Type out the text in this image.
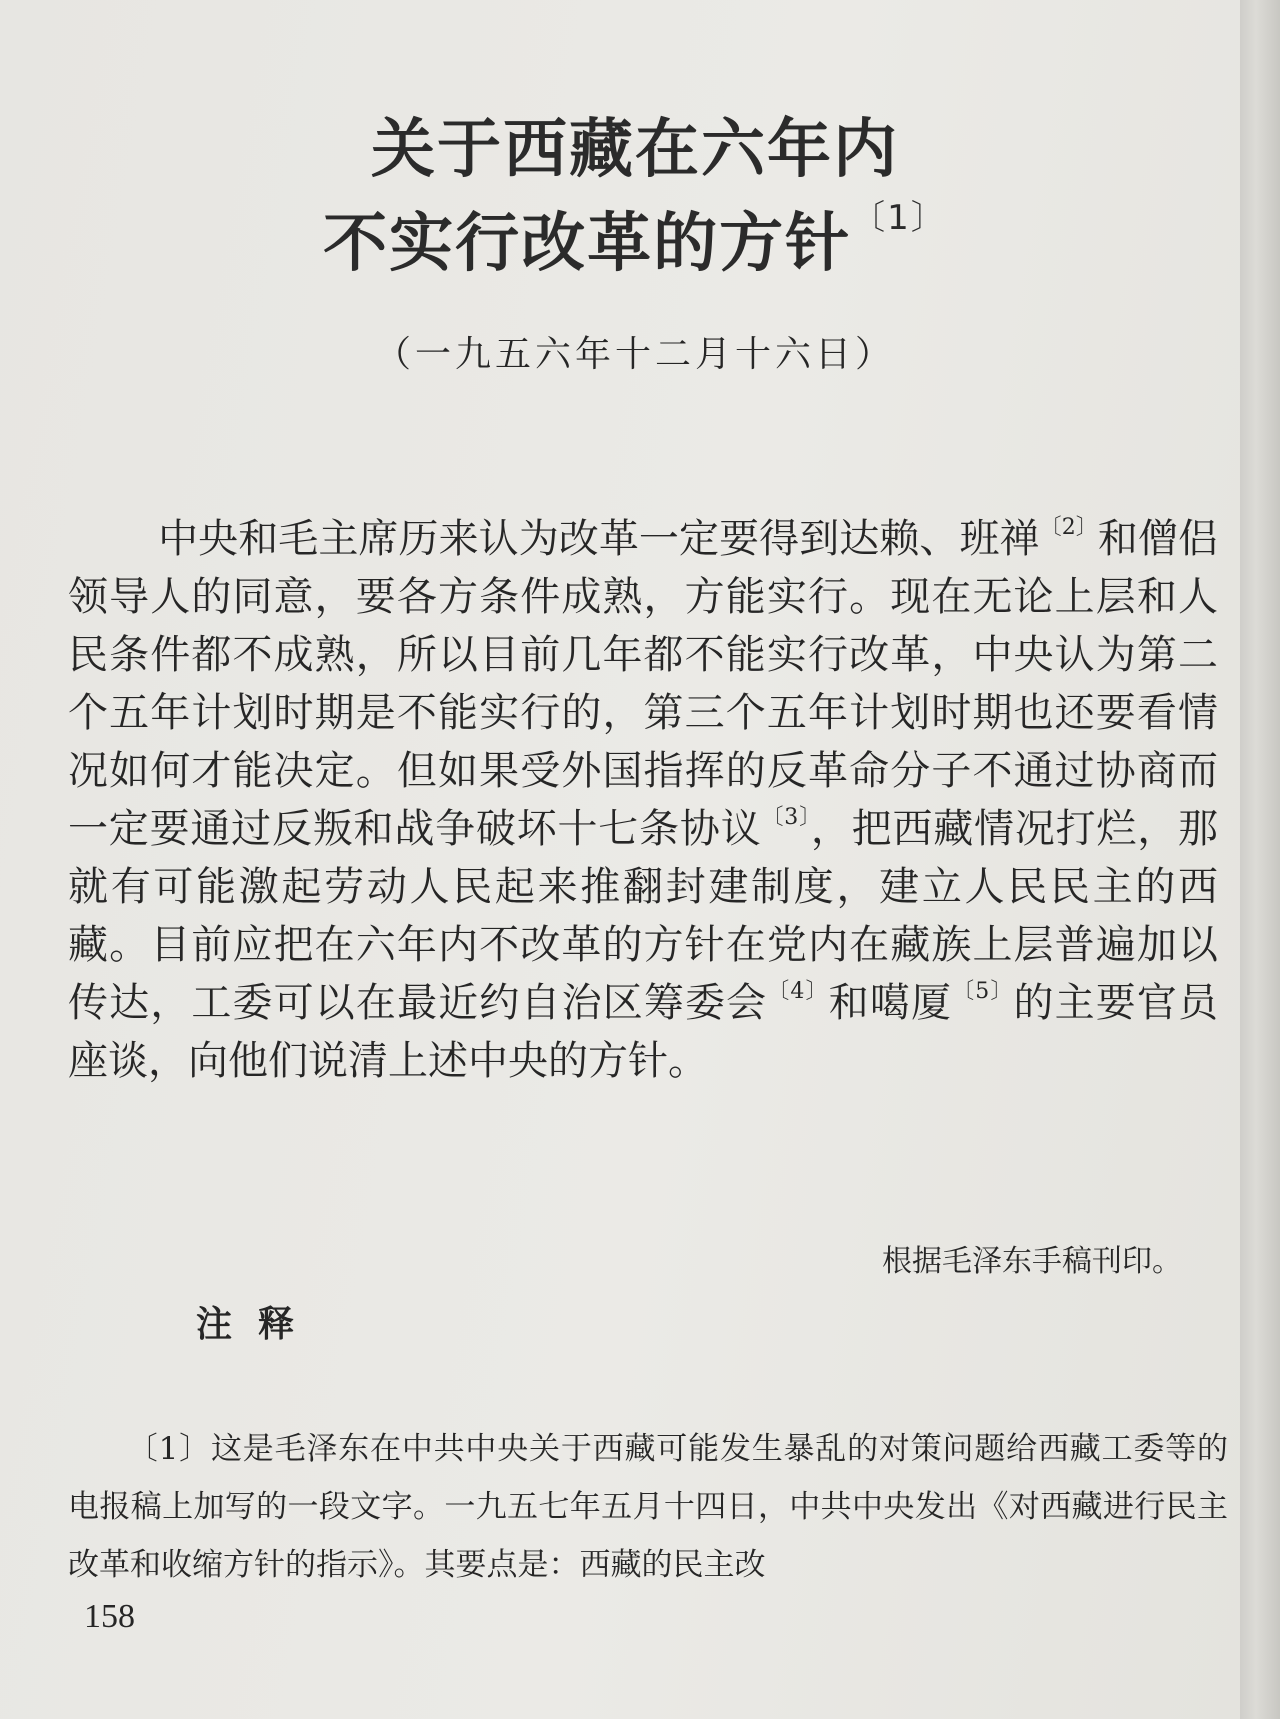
关于西藏在六年内
不实行改革的方针$^{〔1〕}$
（一九五六年十二月十六日）

中央和毛主席历来认为改革一定要得到达赖、班禅$^{〔2〕}$和僧侣领导人的同意，要各方条件成熟，方能实行。现在无论上层和人民条件都不成熟，所以目前几年都不能实行改革，中央认为第二个五年计划时期是不能实行的，第三个五年计划时期也还要看情况如何才能决定。但如果受外国指挥的反革命分子不通过协商而一定要通过反叛和战争破坏十七条协议$^{〔3〕}$，把西藏情况打烂，那就有可能激起劳动人民起来推翻封建制度，建立人民民主的西藏。目前应把在六年内不改革的方针在党内在藏族上层普遍加以传达，工委可以在最近约自治区筹委会$^{〔4〕}$和噶厦$^{〔5〕}$的主要官员座谈，向他们说清上述中央的方针。

根据毛泽东手稿刊印。
注释

〔1〕这是毛泽东在中共中央关于西藏可能发生暴乱的对策问题给西藏工委等的电报稿上加写的一段文字。一九五七年五月十四日，中共中央发出《对西藏进行民主改革和收缩方针的指示》。其要点是：西藏的民主改

158
